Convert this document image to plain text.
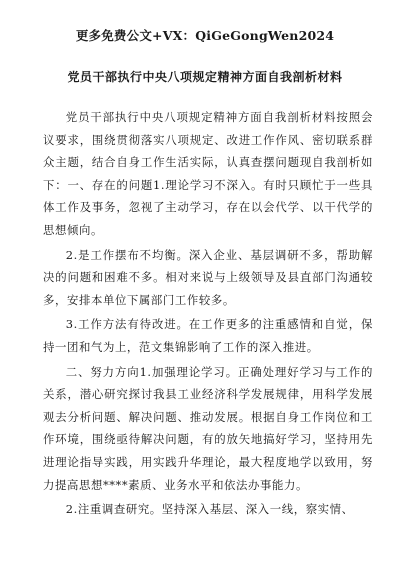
更多免费公文+VX：QiGeGongWen2024
党员干部执行中央八项规定精神方面自我剖析材料

党员干部执行中央八项规定精神方面自我剖析材料按照会议要求，围绕贯彻落实八项规定、改进工作作风、密切联系群众主题，结合自身工作生活实际，认真查摆问题现自我剖析如下：一、存在的问题1.理论学习不深入。有时只顾忙于一些具体工作及事务，忽视了主动学习，存在以会代学、以干代学的思想倾向。

2.是工作摆布不均衡。深入企业、基层调研不多，帮助解决的问题和困难不多。相对来说与上级领导及县直部门沟通较多，安排本单位下属部门工作较多。

3.工作方法有待改进。在工作更多的注重感情和自觉，保持一团和气为上，范文集锦影响了工作的深入推进。

二、努力方向1.加强理论学习。正确处理好学习与工作的关系，潜心研究探讨我县工业经济科学发展规律，用科学发展观去分析问题、解决问题、推动发展。根据自身工作岗位和工作环境，围绕亟待解决问题，有的放矢地搞好学习，坚持用先进理论指导实践，用实践升华理论，最大程度地学以致用，努力提高思想****素质、业务水平和依法办事能力。

2.注重调查研究。坚持深入基层、深入一线，察实情、
